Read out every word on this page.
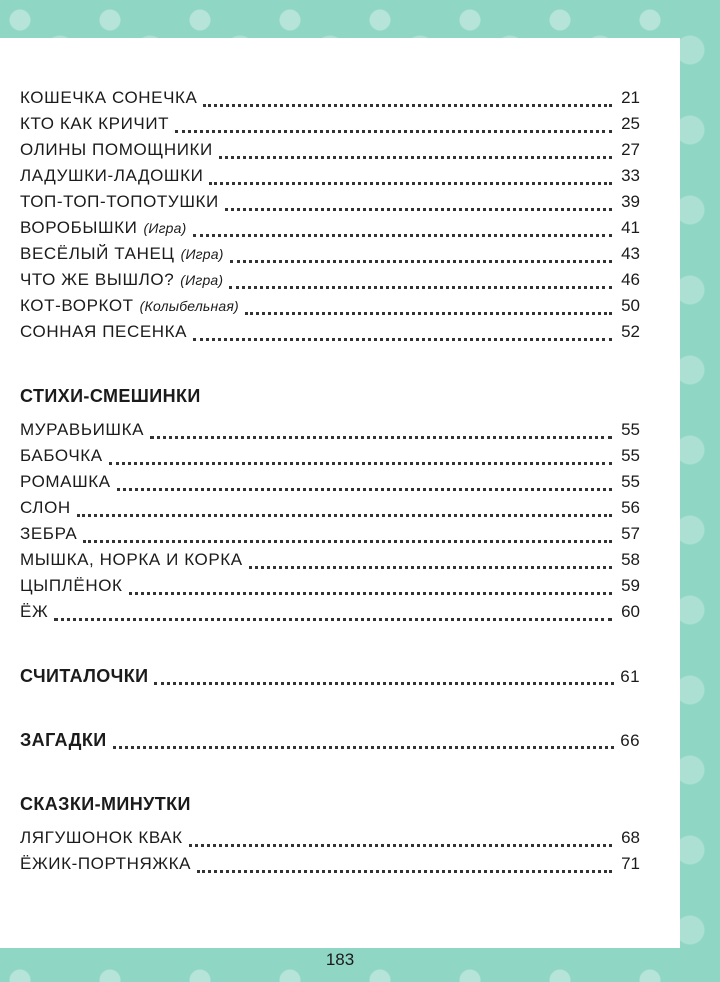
КОШЕЧКА СОНЕЧКА	21
КТО КАК КРИЧИТ	25
ОЛИНЫ ПОМОЩНИКИ	27
ЛАДУШКИ-ЛАДОШКИ	33
ТОП-ТОП-ТОПОТУШКИ	39
ВОРОБЫШКИ (Игра)	41
ВЕСЁЛЫЙ ТАНЕЦ (Игра)	43
ЧТО ЖЕ ВЫШЛО? (Игра)	46
КОТ-ВОРКОТ (Колыбельная)	50
СОННАЯ ПЕСЕНКА	52
СТИХИ-СМЕШИНКИ
МУРАВЬИШКА	55
БАБОЧКА	55
РОМАШКА	55
СЛОН	56
ЗЕБРА	57
МЫШКА, НОРКА И КОРКА	58
ЦЫПЛЁНОК	59
ЁЖ	60
СЧИТАЛОЧКИ	61
ЗАГАДКИ	66
СКАЗКИ-МИНУТКИ
ЛЯГУШОНОК КВАК	68
ЁЖИК-ПОРТНЯЖКА	71
183
